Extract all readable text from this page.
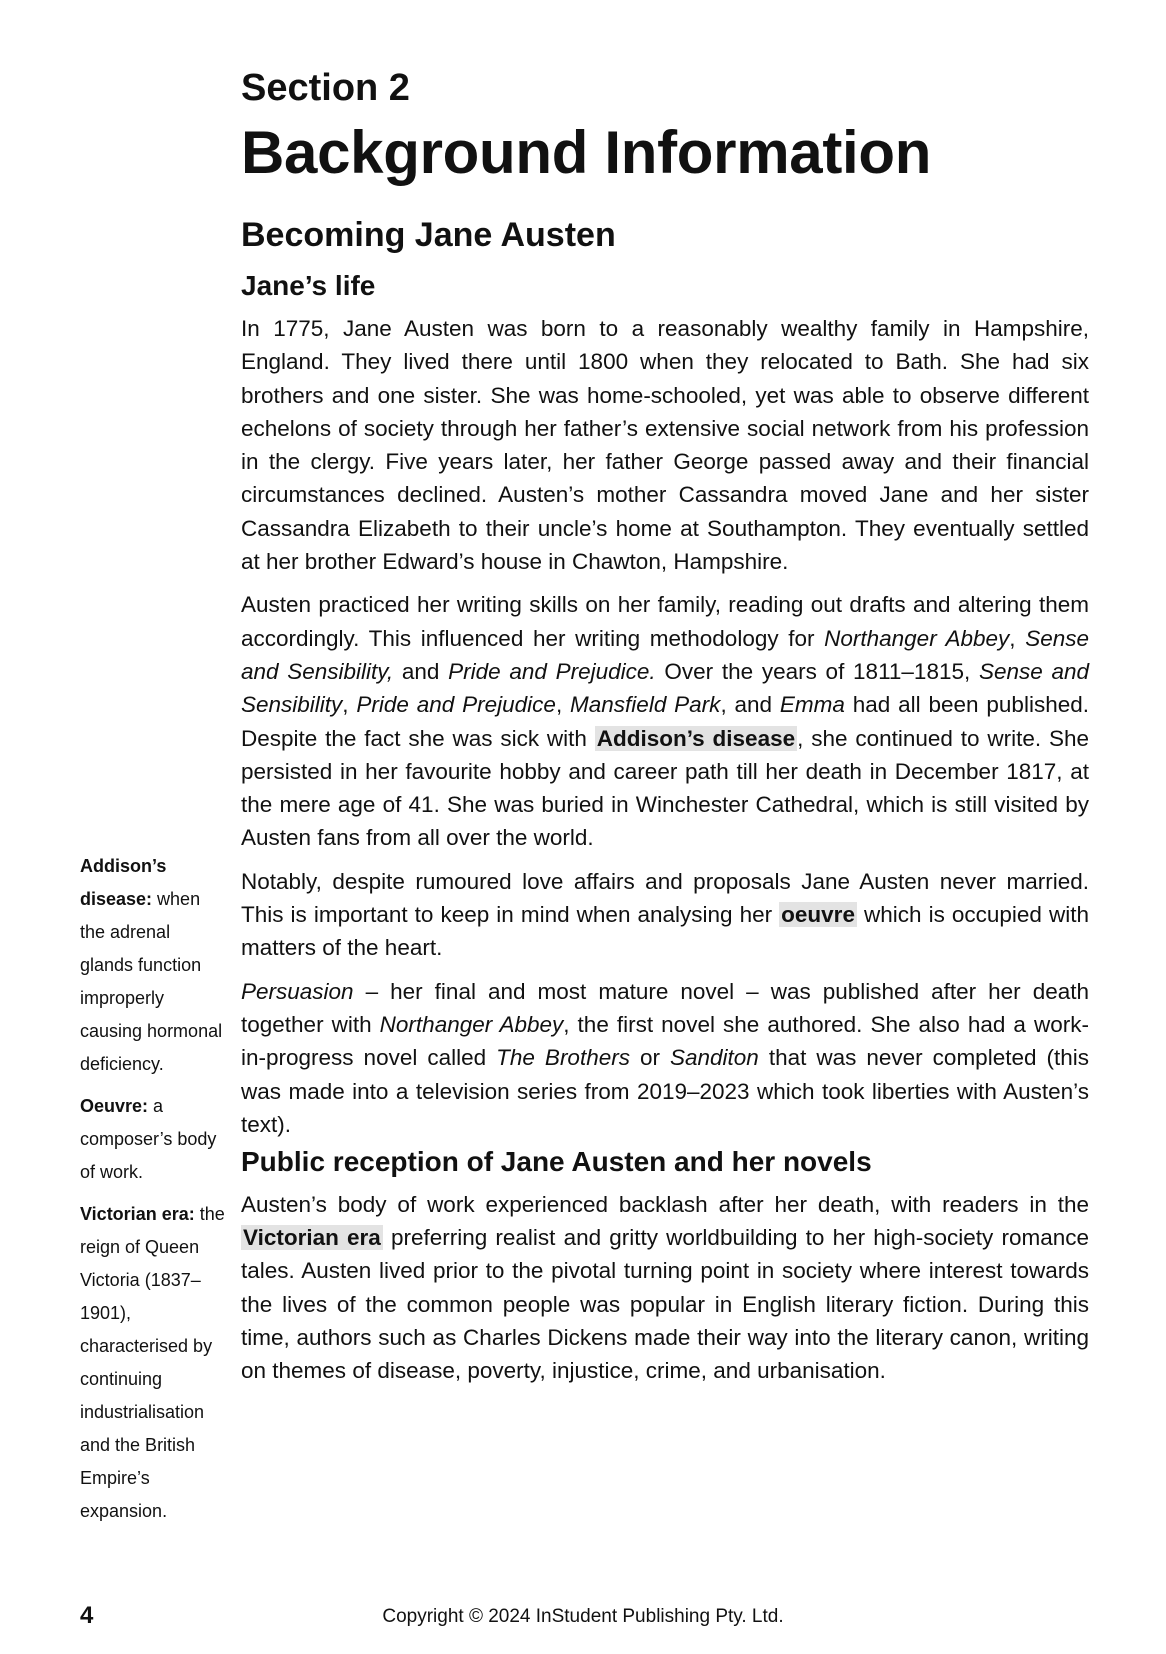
Section 2
Background Information
Becoming Jane Austen
Jane’s life

In 1775, Jane Austen was born to a reasonably wealthy family in Hampshire, England. They lived there until 1800 when they relocated to Bath. She had six brothers and one sister. She was home-schooled, yet was able to observe different echelons of society through her father’s extensive social network from his profession in the clergy. Five years later, her father George passed away and their financial circumstances declined. Austen’s mother Cassandra moved Jane and her sister Cassandra Elizabeth to their uncle’s home at Southampton. They eventually settled at her brother Edward’s house in Chawton, Hampshire.

Austen practiced her writing skills on her family, reading out drafts and altering them accordingly. This influenced her writing methodology for Northanger Abbey, Sense and Sensibility, and Pride and Prejudice. Over the years of 1811–1815, Sense and Sensibility, Pride and Prejudice, Mansfield Park, and Emma had all been published. Despite the fact she was sick with Addison’s disease, she continued to write. She persisted in her favourite hobby and career path till her death in December 1817, at the mere age of 41. She was buried in Winchester Cathedral, which is still visited by Austen fans from all over the world.

Notably, despite rumoured love affairs and proposals Jane Austen never married. This is important to keep in mind when analysing her oeuvre which is occupied with matters of the heart.

Persuasion – her final and most mature novel – was published after her death together with Northanger Abbey, the first novel she authored. She also had a work-in-progress novel called The Brothers or Sanditon that was never completed (this was made into a television series from 2019–2023 which took liberties with Austen’s text).

Public reception of Jane Austen and her novels

Austen’s body of work experienced backlash after her death, with readers in the Victorian era preferring realist and gritty worldbuilding to her high-society romance tales. Austen lived prior to the pivotal turning point in society where interest towards the lives of the common people was popular in English literary fiction. During this time, authors such as Charles Dickens made their way into the literary canon, writing on themes of disease, poverty, injustice, crime, and urbanisation.

Addison’s disease: when the adrenal glands function improperly causing hormonal deficiency.

Oeuvre: a composer’s body of work.

Victorian era: the reign of Queen Victoria (1837–1901), characterised by continuing industrialisation and the British Empire’s expansion.

4	Copyright © 2024 InStudent Publishing Pty. Ltd.
